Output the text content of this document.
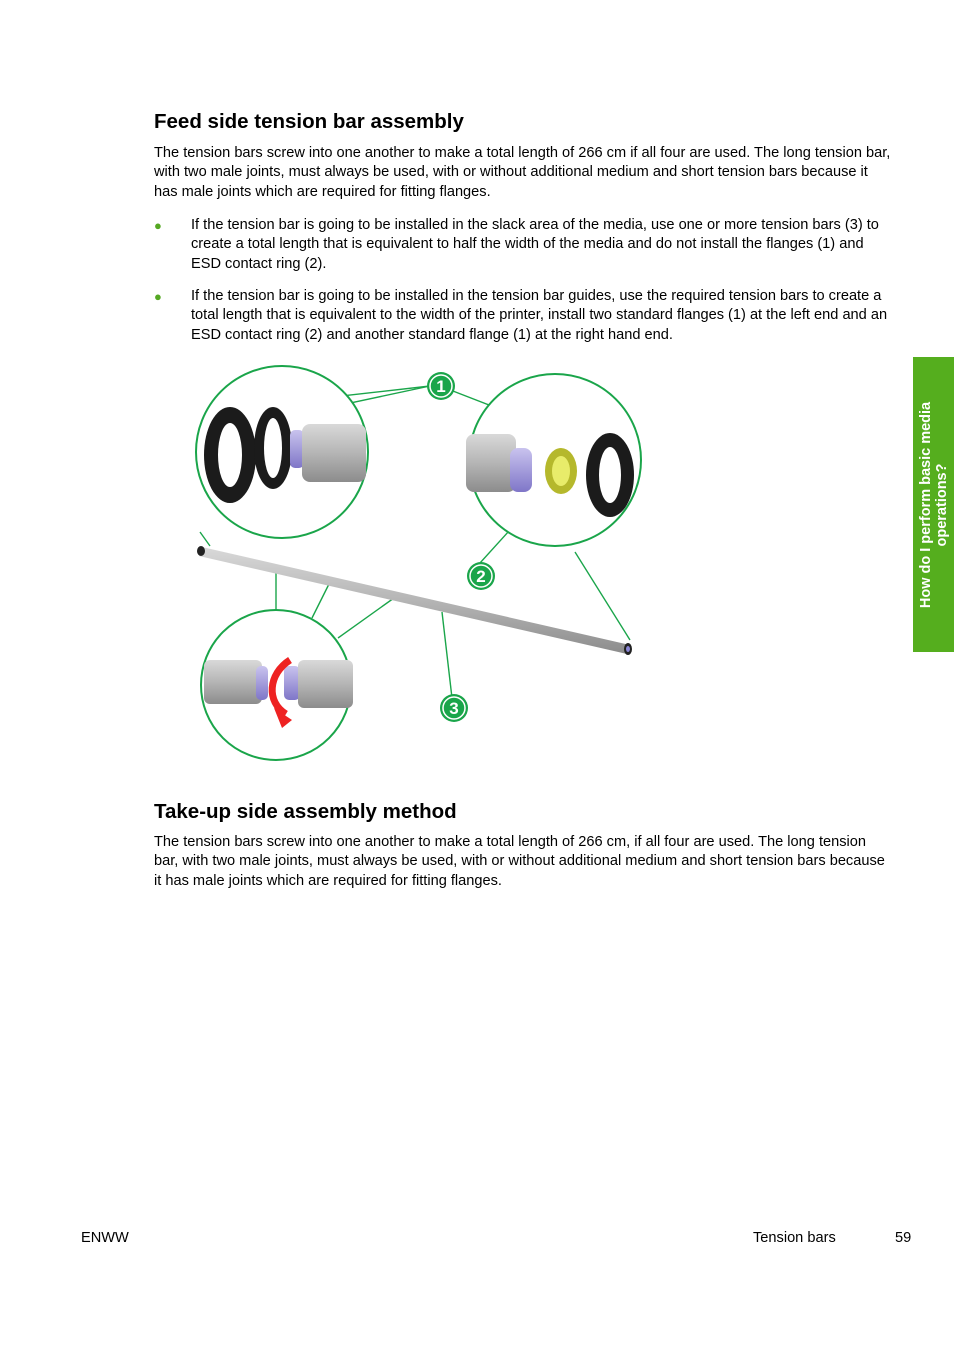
Feed side tension bar assembly

The tension bars screw into one another to make a total length of 266 cm if all four are used. The long tension bar, with two male joints, must always be used, with or without additional medium and short tension bars because it has male joints which are required for fitting flanges.

● If the tension bar is going to be installed in the slack area of the media, use one or more tension bars (3) to create a total length that is equivalent to half the width of the media and do not install the flanges (1) and ESD contact ring (2).
● If the tension bar is going to be installed in the tension bar guides, use the required tension bars to create a total length that is equivalent to the width of the printer, install two standard flanges (1) at the left end and an ESD contact ring (2) and another standard flange (1) at the right hand end.
1
2
3
Take-up side assembly method

The tension bars screw into one another to make a total length of 266 cm, if all four are used. The long tension bar, with two male joints, must always be used, with or without additional medium and short tension bars because it has male joints which are required for fitting flanges.

How do I perform basic media operations?
ENWW	Tension bars	59
